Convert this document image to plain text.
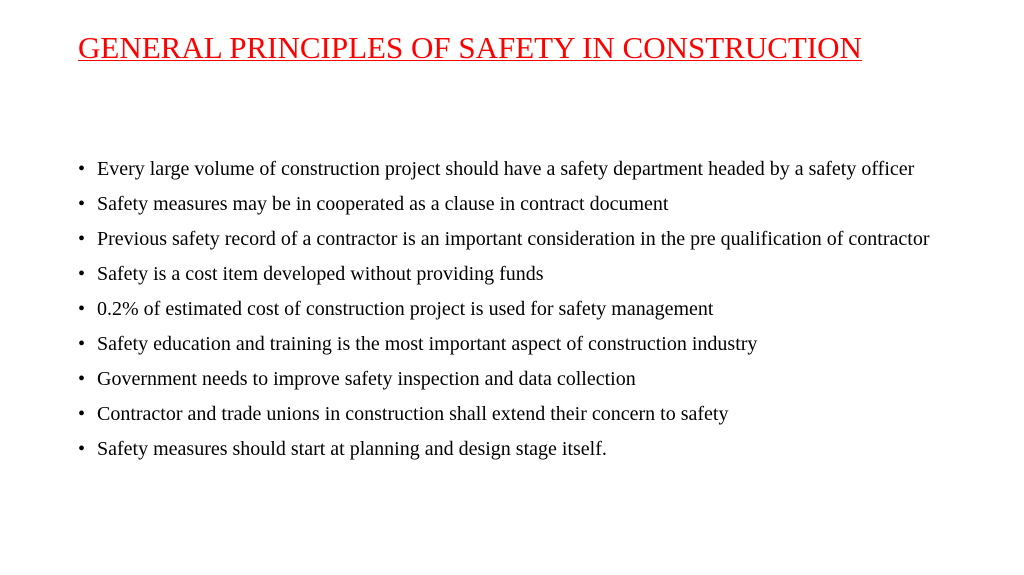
GENERAL PRINCIPLES OF SAFETY IN CONSTRUCTION
• Every large volume of construction project should have a safety department headed by a safety officer
• Safety measures may be in cooperated as a clause in contract document
• Previous safety record of a contractor is an important consideration in the pre qualification of contractor
• Safety is a cost item developed without providing funds
• 0.2% of estimated cost of construction project is used for safety management
• Safety education and training is the most important aspect of construction industry
• Government needs to improve safety inspection and data collection
• Contractor and trade unions in construction shall extend their concern to safety
• Safety measures should start at planning and design stage itself.
